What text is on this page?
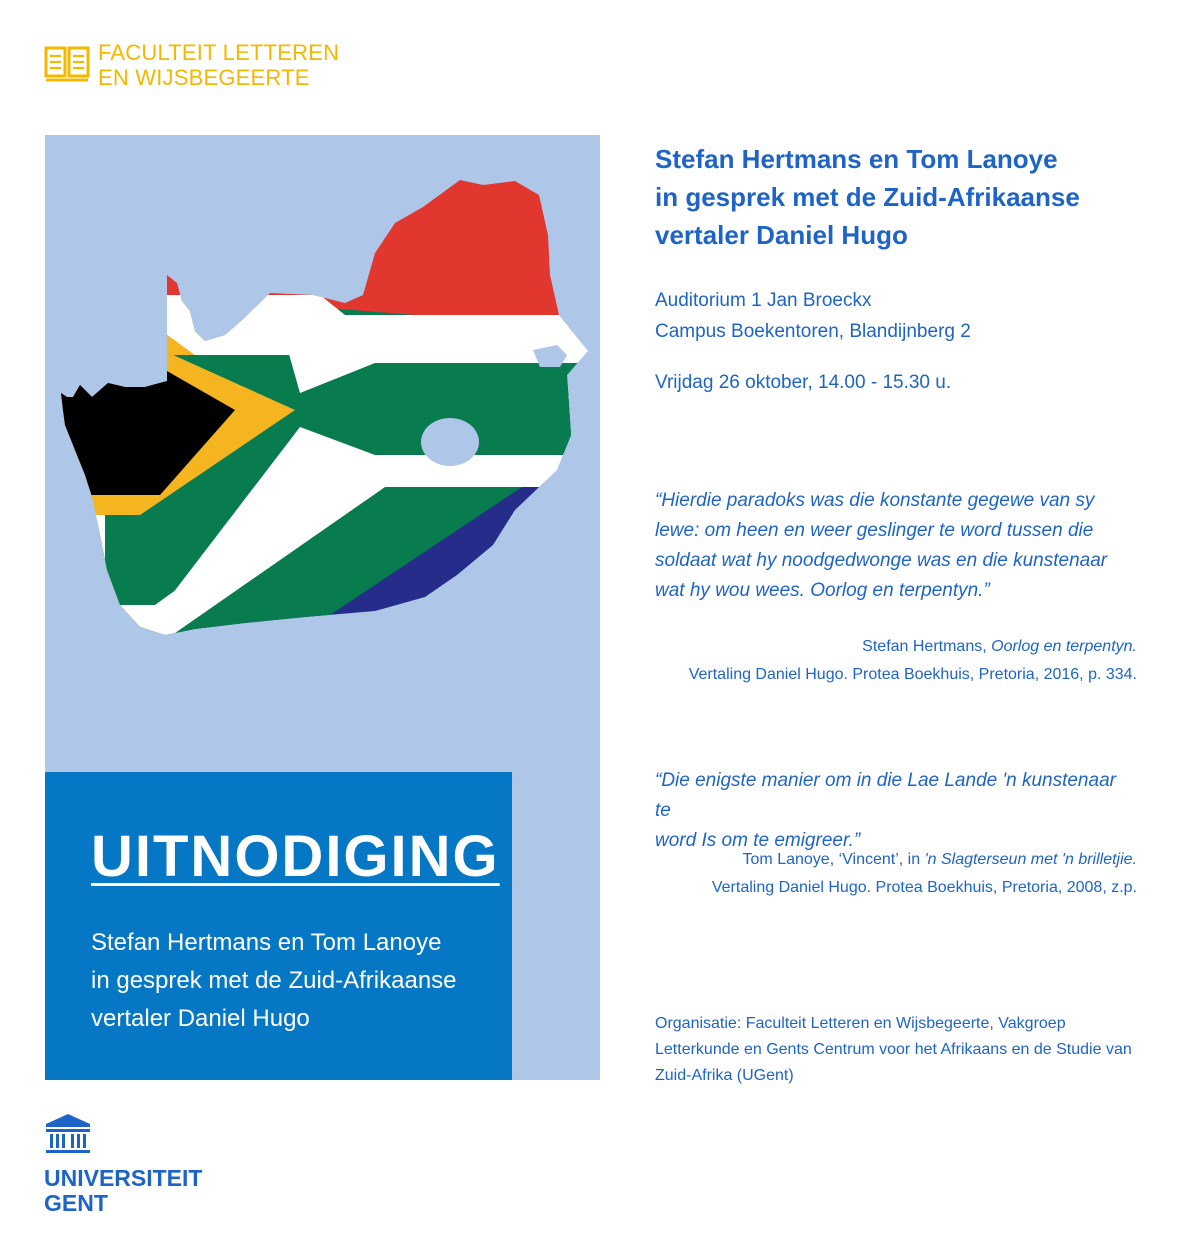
FACULTEIT LETTEREN
EN WIJSBEGEERTE
UITNODIGING
Stefan Hertmans en Tom Lanoye
in gesprek met de Zuid-Afrikaanse
vertaler Daniel Hugo
Stefan Hertmans en Tom Lanoye
in gesprek met de Zuid-Afrikaanse
vertaler Daniel Hugo
Auditorium 1 Jan Broeckx
Campus Boekentoren, Blandijnberg 2
Vrijdag 26 oktober, 14.00 - 15.30 u.
“Hierdie paradoks was die konstante gegewe van sy
lewe: om heen en weer geslinger te word tussen die
soldaat wat hy noodgedwonge was en die kunstenaar
wat hy wou wees. Oorlog en terpentyn.”
Stefan Hertmans, Oorlog en terpentyn.
Vertaling Daniel Hugo. Protea Boekhuis, Pretoria, 2016, p. 334.
“Die enigste manier om in die Lae Lande 'n kunstenaar te
word Is om te emigreer.”
Tom Lanoye, ‘Vincent’, in 'n Slagterseun met 'n brilletjie.
Vertaling Daniel Hugo. Protea Boekhuis, Pretoria, 2008, z.p.
Organisatie: Faculteit Letteren en Wijsbegeerte, Vakgroep
Letterkunde en Gents Centrum voor het Afrikaans en de Studie van
Zuid-Afrika (UGent)
UNIVERSITEIT
GENT
